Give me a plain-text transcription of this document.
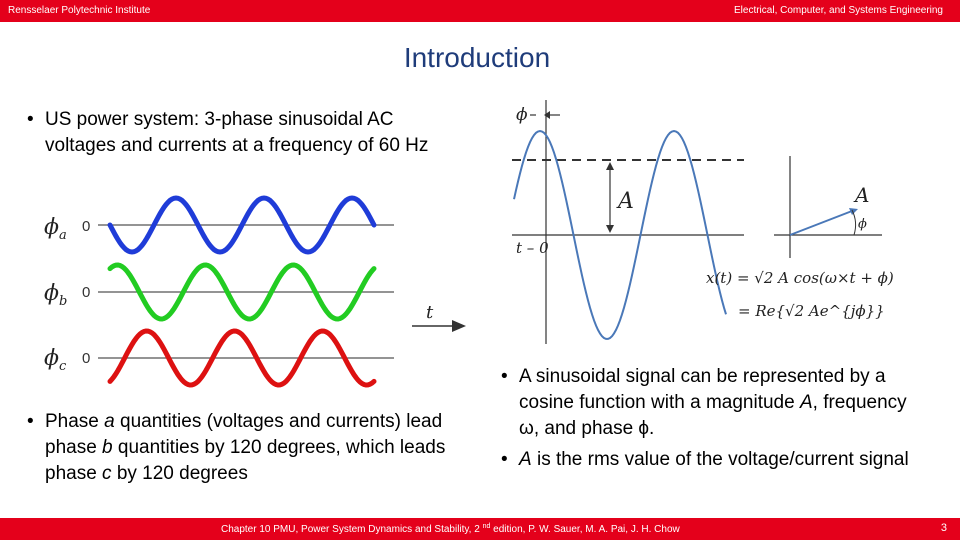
Rensselaer Polytechnic Institute	Electrical, Computer, and Systems Engineering
Introduction
• US power system: 3-phase sinusoidal AC voltages and currents at a frequency of 60 Hz
$\phi_a$
0
$\phi_b$
0
$\phi_c$ 0
t
• Phase a quantities (voltages and currents) lead phase b quantities by 120 degrees, which leads phase c by 120 degrees
ϕ
A
t – 0
A
ϕ
x(t) = √2 A cos(ω×t + ϕ)
= Re{√2 Ae^{jϕ}}
• A sinusoidal signal can be represented by a cosine function with a magnitude A, frequency ω, and phase ϕ.
• A is the rms value of the voltage/current signal
Chapter 10 PMU, Power System Dynamics and Stability, 2 $^{nd}$ edition, P. W. Sauer, M. A. Pai, J. H. Chow	3
